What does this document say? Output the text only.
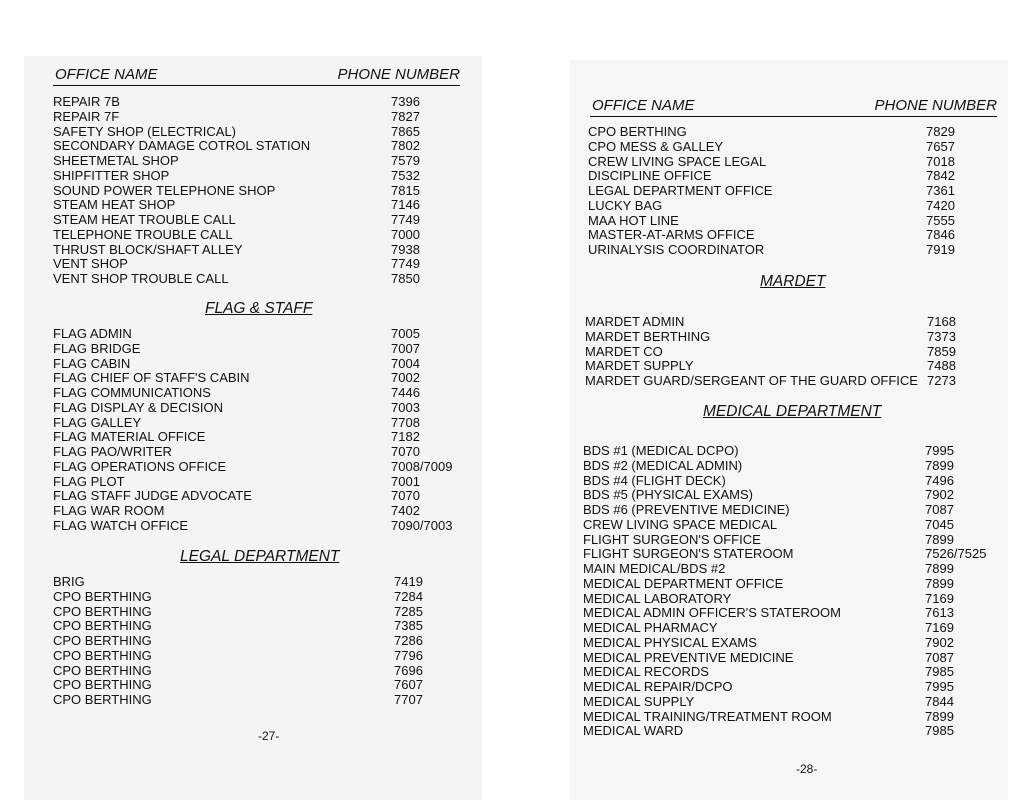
OFFICE NAME	PHONE NUMBER
REPAIR 7B	7396
REPAIR 7F	7827
SAFETY SHOP (ELECTRICAL)	7865
SECONDARY DAMAGE COTROL STATION	7802
SHEETMETAL SHOP	7579
SHIPFITTER SHOP	7532
SOUND POWER TELEPHONE SHOP	7815
STEAM HEAT SHOP	7146
STEAM HEAT TROUBLE CALL	7749
TELEPHONE TROUBLE CALL	7000
THRUST BLOCK/SHAFT ALLEY	7938
VENT SHOP	7749
VENT SHOP TROUBLE CALL	7850
FLAG & STAFF
FLAG ADMIN	7005
FLAG BRIDGE	7007
FLAG CABIN	7004
FLAG CHIEF OF STAFF'S CABIN	7002
FLAG COMMUNICATIONS	7446
FLAG DISPLAY & DECISION	7003
FLAG GALLEY	7708
FLAG MATERIAL OFFICE	7182
FLAG PAO/WRITER	7070
FLAG OPERATIONS OFFICE	7008/7009
FLAG PLOT	7001
FLAG STAFF JUDGE ADVOCATE	7070
FLAG WAR ROOM	7402
FLAG WATCH OFFICE	7090/7003
LEGAL DEPARTMENT
BRIG	7419
CPO BERTHING	7284
CPO BERTHING	7285
CPO BERTHING	7385
CPO BERTHING	7286
CPO BERTHING	7796
CPO BERTHING	7696
CPO BERTHING	7607
CPO BERTHING	7707
-27-
OFFICE NAME	PHONE NUMBER
CPO BERTHING	7829
CPO MESS & GALLEY	7657
CREW LIVING SPACE LEGAL	7018
DISCIPLINE OFFICE	7842
LEGAL DEPARTMENT OFFICE	7361
LUCKY BAG	7420
MAA HOT LINE	7555
MASTER-AT-ARMS OFFICE	7846
URINALYSIS COORDINATOR	7919
MARDET
MARDET ADMIN	7168
MARDET BERTHING	7373
MARDET CO	7859
MARDET SUPPLY	7488
MARDET GUARD/SERGEANT OF THE GUARD OFFICE 7273
MEDICAL DEPARTMENT
BDS #1 (MEDICAL DCPO)	7995
BDS #2 (MEDICAL ADMIN)	7899
BDS #4 (FLIGHT DECK)	7496
BDS #5 (PHYSICAL EXAMS)	7902
BDS #6 (PREVENTIVE MEDICINE)	7087
CREW LIVING SPACE MEDICAL	7045
FLIGHT SURGEON'S OFFICE	7899
FLIGHT SURGEON'S STATEROOM	7526/7525
MAIN MEDICAL/BDS #2	7899
MEDICAL DEPARTMENT OFFICE	7899
MEDICAL LABORATORY	7169
MEDICAL ADMIN OFFICER'S STATEROOM	7613
MEDICAL PHARMACY	7169
MEDICAL PHYSICAL EXAMS	7902
MEDICAL PREVENTIVE MEDICINE	7087
MEDICAL RECORDS	7985
MEDICAL REPAIR/DCPO	7995
MEDICAL SUPPLY	7844
MEDICAL TRAINING/TREATMENT ROOM	7899
MEDICAL WARD	7985
-28-
